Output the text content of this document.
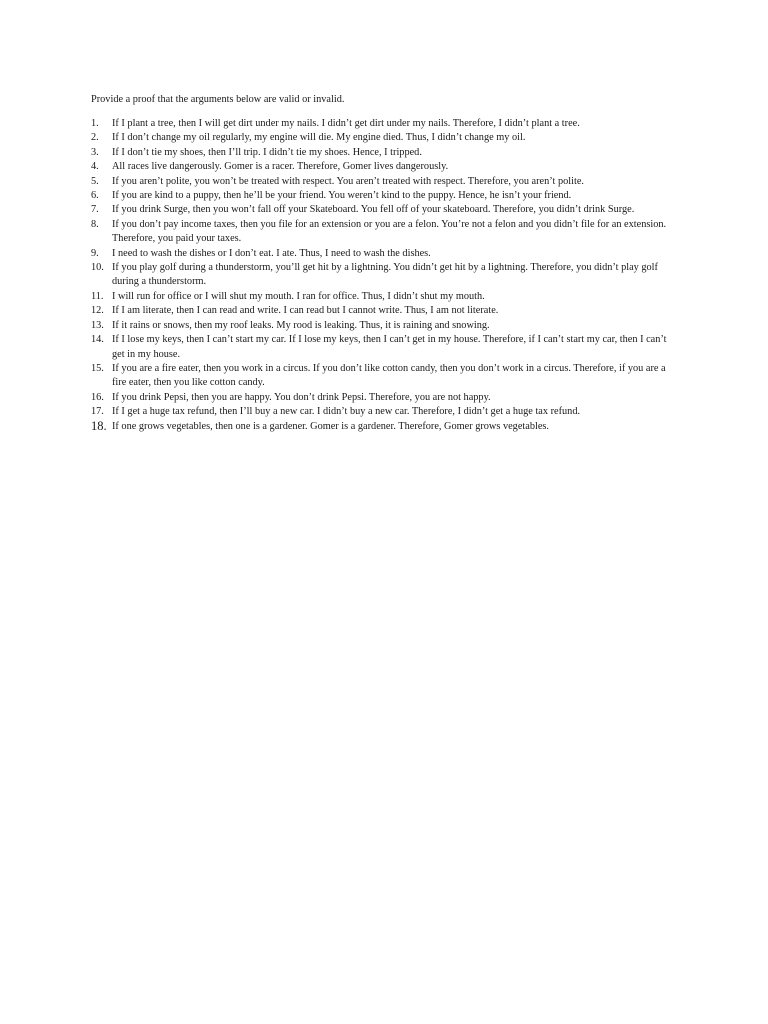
Provide a proof that the arguments below are valid or invalid.
1. If I plant a tree, then I will get dirt under my nails. I didn’t get dirt under my nails. Therefore, I didn’t plant a tree.
2. If I don’t change my oil regularly, my engine will die. My engine died. Thus, I didn’t change my oil.
3. If I don’t tie my shoes, then I’ll trip. I didn’t tie my shoes. Hence, I tripped.
4. All races live dangerously. Gomer is a racer. Therefore, Gomer lives dangerously.
5. If you aren’t polite, you won’t be treated with respect. You aren’t treated with respect. Therefore, you aren’t polite.
6. If you are kind to a puppy, then he’ll be your friend. You weren’t kind to the puppy. Hence, he isn’t your friend.
7. If you drink Surge, then you won’t fall off your Skateboard. You fell off of your skateboard. Therefore, you didn’t drink Surge.
8. If you don’t pay income taxes, then you file for an extension or you are a felon. You’re not a felon and you didn’t file for an extension. Therefore, you paid your taxes.
9. I need to wash the dishes or I don’t eat. I ate. Thus, I need to wash the dishes.
10. If you play golf during a thunderstorm, you’ll get hit by a lightning. You didn’t get hit by a lightning. Therefore, you didn’t play golf during a thunderstorm.
11. I will run for office or I will shut my mouth. I ran for office. Thus, I didn’t shut my mouth.
12. If I am literate, then I can read and write. I can read but I cannot write. Thus, I am not literate.
13. If it rains or snows, then my roof leaks. My rood is leaking. Thus, it is raining and snowing.
14. If I lose my keys, then I can’t start my car. If I lose my keys, then I can’t get in my house. Therefore, if I can’t start my car, then I can’t get in my house.
15. If you are a fire eater, then you work in a circus. If you don’t like cotton candy, then you don’t work in a circus. Therefore, if you are a fire eater, then you like cotton candy.
16. If you drink Pepsi, then you are happy. You don’t drink Pepsi. Therefore, you are not happy.
17. If I get a huge tax refund, then I’ll buy a new car. I didn’t buy a new car. Therefore, I didn’t get a huge tax refund.
18. If one grows vegetables, then one is a gardener. Gomer is a gardener. Therefore, Gomer grows vegetables.
